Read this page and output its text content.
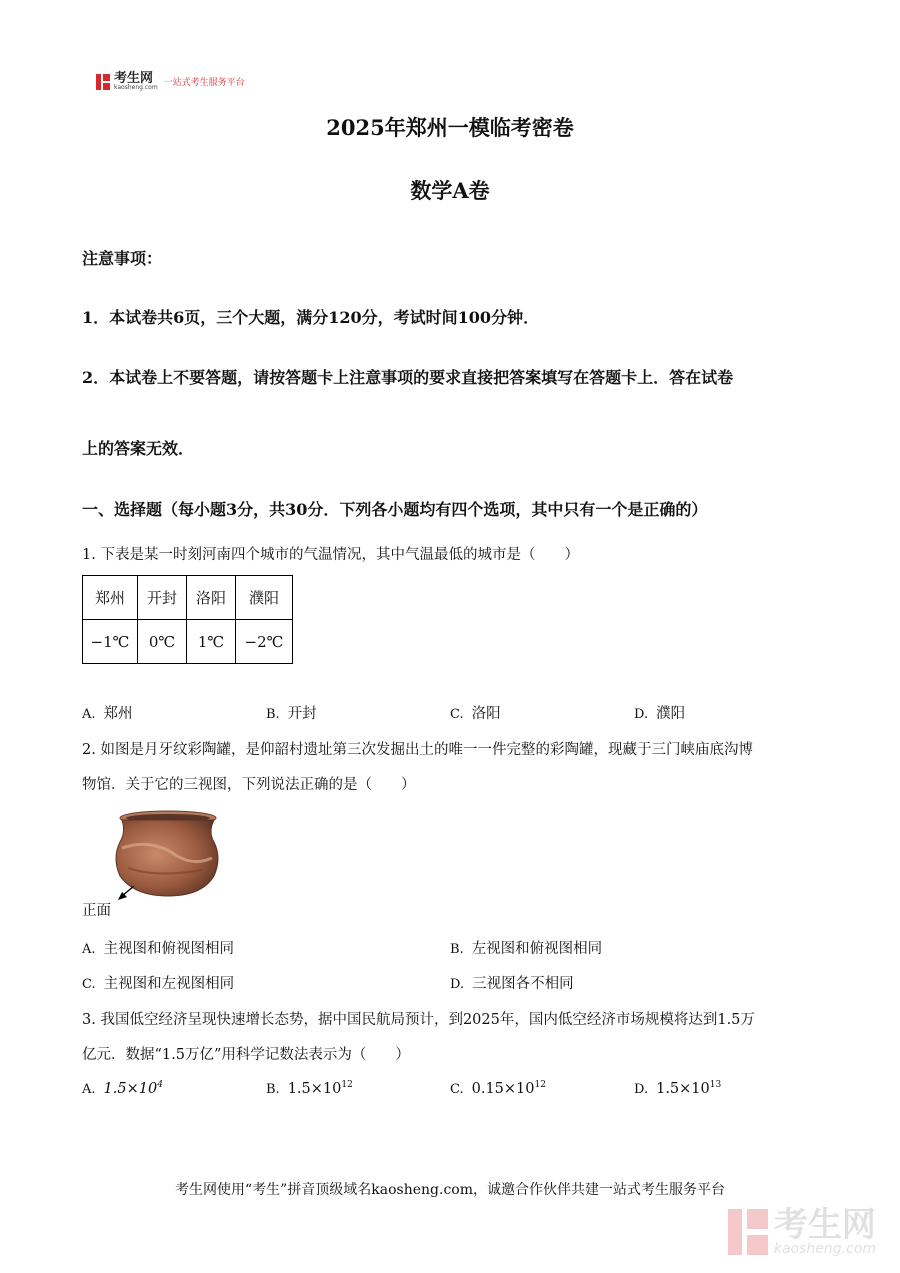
考生网
kaosheng.com 一站式考生服务平台
2025年郑州一模临考密卷
数学A卷
注意事项：
1．本试卷共6页，三个大题，满分120分，考试时间100分钟．
2．本试卷上不要答题，请按答题卡上注意事项的要求直接把答案填写在答题卡上．答在试卷
上的答案无效．
一、选择题（每小题3分，共30分．下列各小题均有四个选项，其中只有一个是正确的）
1. 下表是某一时刻河南四个城市的气温情况，其中气温最低的城市是（　　）
郑州	开封	洛阳	濮阳
−1℃	0℃	1℃	−2℃
A. 郑州	B. 开封	C. 洛阳	D. 濮阳
2. 如图是月牙纹彩陶罐，是仰韶村遗址第三次发掘出土的唯一一件完整的彩陶罐，现藏于三门峡庙底沟博
物馆．关于它的三视图，下列说法正确的是（　　）
正面
A. 主视图和俯视图相同	B. 左视图和俯视图相同
C. 主视图和左视图相同	D. 三视图各不相同
3. 我国低空经济呈现快速增长态势，据中国民航局预计，到2025年，国内低空经济市场规模将达到1.5万
亿元．数据“1.5万亿”用科学记数法表示为（　　）
A. $1.5\times 10^4$	B. $1.5\times 10^{12}$	C. $0.15\times 10^{12}$	D. $1.5\times 10^{13}$
考生网使用“考生”拼音顶级域名kaosheng.com，诚邀合作伙伴共建一站式考生服务平台
考生网
kaosheng.com
